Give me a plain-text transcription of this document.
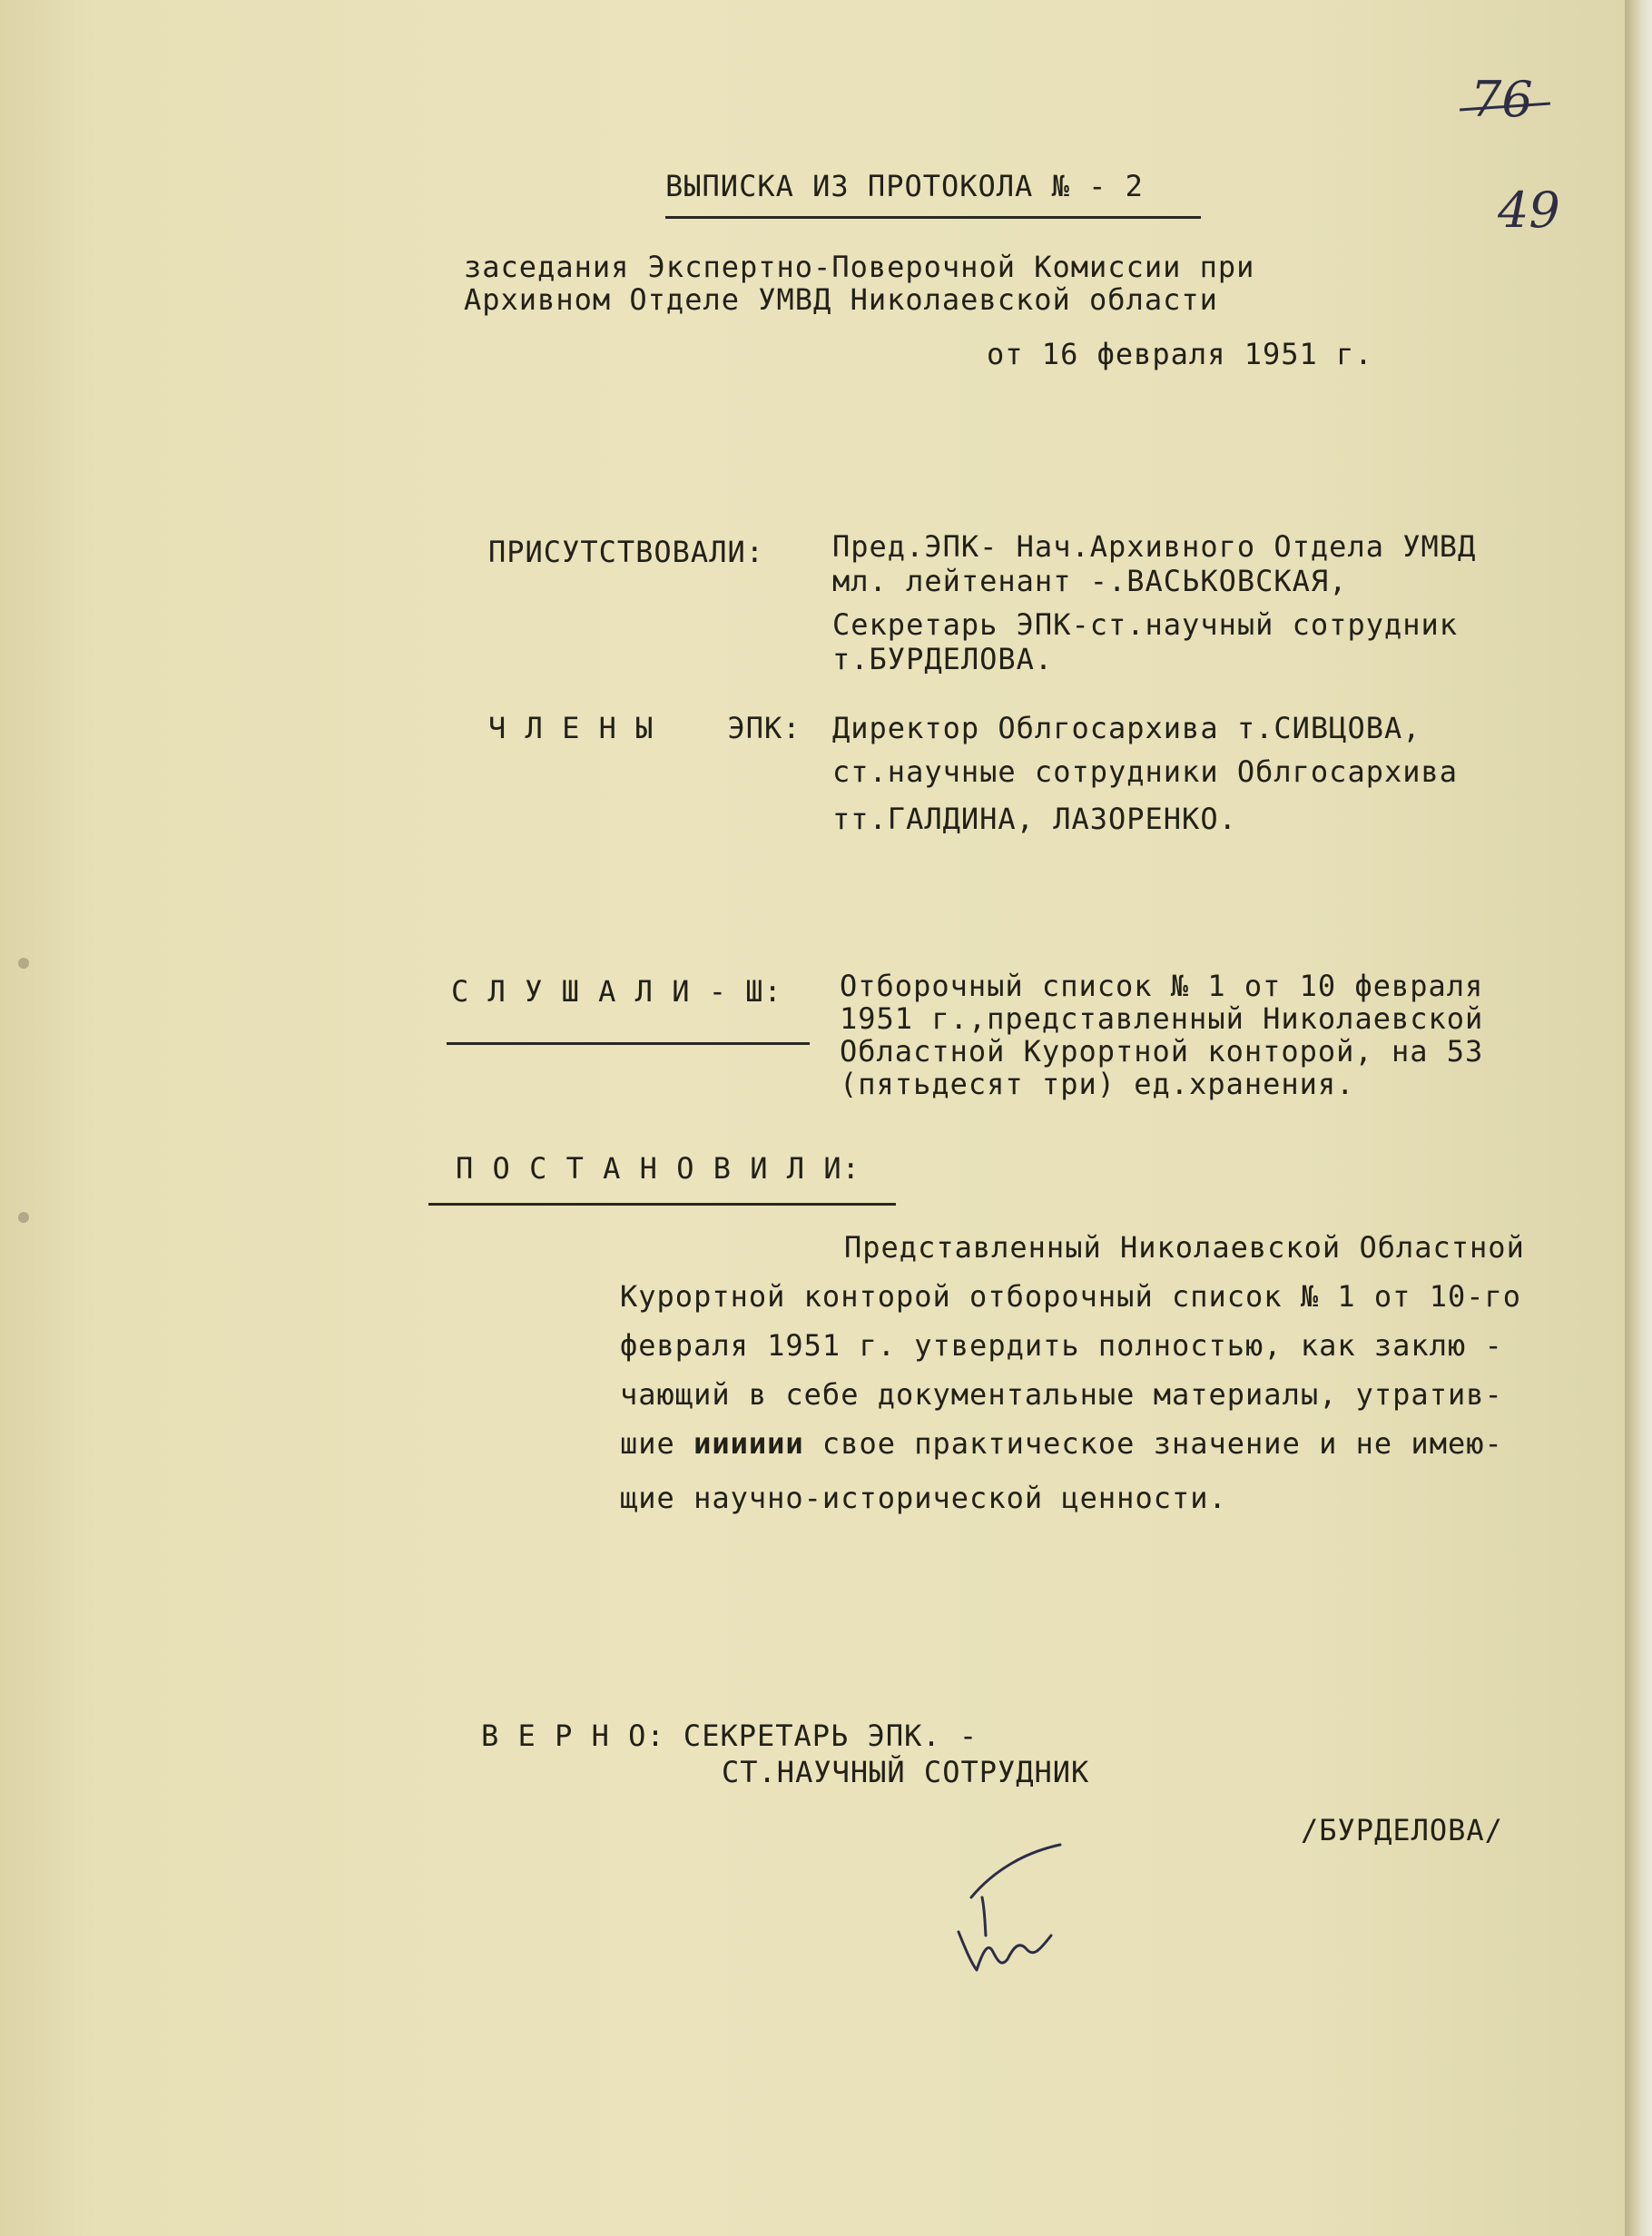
76
49
ВЫПИСКА ИЗ ПРОТОКОЛА № - 2
заседания Экспертно-Поверочной Комиссии при
Архивном Отделе УМВД Николаевской области
от 16 февраля 1951 г.
ПРИСУТСТВОВАЛИ: Пред.ЭПК- Нач.Архивного Отдела УМВД
мл. лейтенант -.ВАСЬКОВСКАЯ,
Секретарь ЭПК-ст.научный сотрудник
т.БУРДЕЛОВА.
Ч Л Е Н Ы    ЭПК: Директор Облгосархива т.СИВЦОВА,
ст.научные сотрудники Облгосархива
тт.ГАЛДИНА, ЛАЗОРЕНКО.
С Л У Ш А Л И - Ш: Отборочный список № 1 от 10 февраля
1951 г.,представленный Николаевской
Областной Курортной конторой, на 53
(пятьдесят три) ед.хранения.
П О С Т А Н О В И Л И:
Представленный Николаевской Областной
Курортной конторой отборочный список № 1 от 10-го
февраля 1951 г. утвердить полностью, как заклю -
чающий в себе документальные материалы, утратив-
шие ииииии свое практическое значение и не имею-
щие научно-исторической ценности.
В Е Р Н О: СЕКРЕТАРЬ ЭПК. -
СТ.НАУЧНЫЙ СОТРУДНИК
/БУРДЕЛОВА/
